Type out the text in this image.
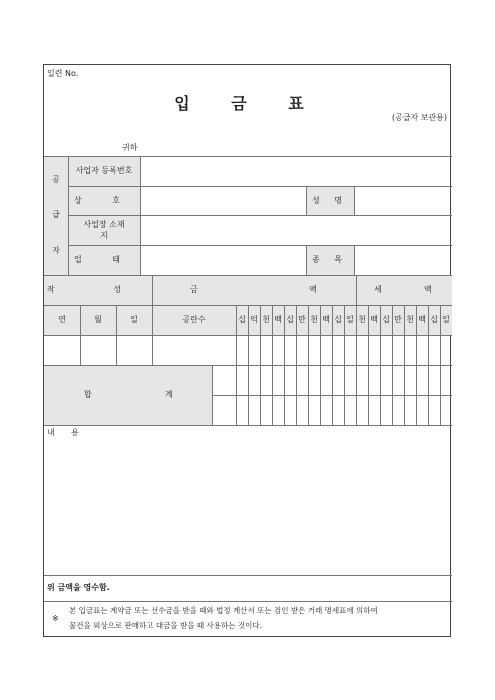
일련 No.
입 금 표
(공급자 보관용)
귀하
공
급
자
사업자 등록번호
상 호	성 명
사업장 소재
지
업 태	종 목
작 성	금	액	세	액
연	월	일	공란수	십 억 천 백 십 만 천 백 십 일 천 백 십 만 천 백 십 일
합	계
내 용
위 금액을 영수함.
※
본 입금표는 계약금 또는 선수금을 받을 때와 법정 계산서 또는 검인 받은 거래 명세표에 의하여
물건을 외상으로 판매하고 대금을 받을 때 사용하는 것이다.
